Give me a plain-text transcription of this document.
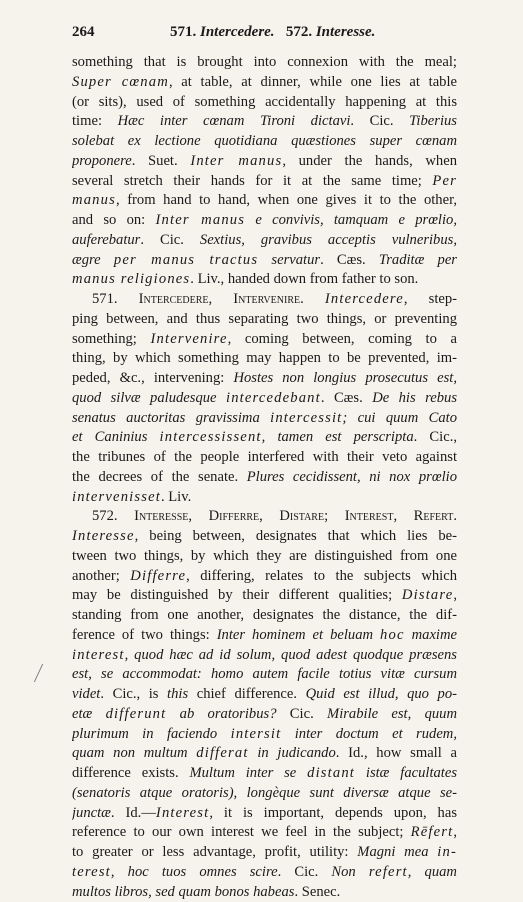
264	571. Intercedere. 572. Interesse.
something that is brought into connexion with the meal;
Super cœnam, at table, at dinner, while one lies at table
(or sits), used of something accidentally happening at this
time: Hæc inter cœnam Tironi dictavi. Cic. Tiberius
solebat ex lectione quotidiana quæstiones super cœnam
proponere. Suet. Inter manus, under the hands, when
several stretch their hands for it at the same time; Per
manus, from hand to hand, when one gives it to the other,
and so on: Inter manus e convivis, tamquam e prœlio,
auferebatur. Cic. Sextius, gravibus acceptis vulneribus,
ægre per manus tractus servatur. Cæs. Traditæ per
manus religiones. Liv., handed down from father to son.
571. Intercedere, Intervenire. Intercedere, step-
ping between, and thus separating two things, or preventing
something; Intervenire, coming between, coming to a
thing, by which something may happen to be prevented, im-
peded, &c., intervening: Hostes non longius prosecutus est,
quod silvæ paludesque intercedebant. Cæs. De his rebus
senatus auctoritas gravissima intercessit; cui quum Cato
et Caninius intercessissent, tamen est perscripta. Cic.,
the tribunes of the people interfered with their veto against
the decrees of the senate. Plures cecidissent, ni nox prœlio
intervenisset. Liv.
572. Interesse, Differre, Distare; Interest, Refert.
Interesse, being between, designates that which lies be-
tween two things, by which they are distinguished from one
another; Differre, differing, relates to the subjects which
may be distinguished by their different qualities; Distare,
standing from one another, designates the distance, the dif-
ference of two things: Inter hominem et beluam hoc maxime
interest, quod hæc ad id solum, quod adest quodque præsens
est, se accommodat: homo autem facile totius vitæ cursum
videt. Cic., is this chief difference. Quid est illud, quo po-
etæ differunt ab oratoribus? Cic. Mirabile est, quum
plurimum in faciendo intersit inter doctum et rudem,
quam non multum differat in judicando. Id., how small a
difference exists. Multum inter se distant istæ facultates
(senatoris atque oratoris), longèque sunt diversæ atque se-
junctæ. Id.—Interest, it is important, depends upon, has
reference to our own interest we feel in the subject; Rēfert,
to greater or less advantage, profit, utility: Magni mea in-
terest, hoc tuos omnes scire. Cic. Non refert, quam
multos libros, sed quam bonos habeas. Senec.
